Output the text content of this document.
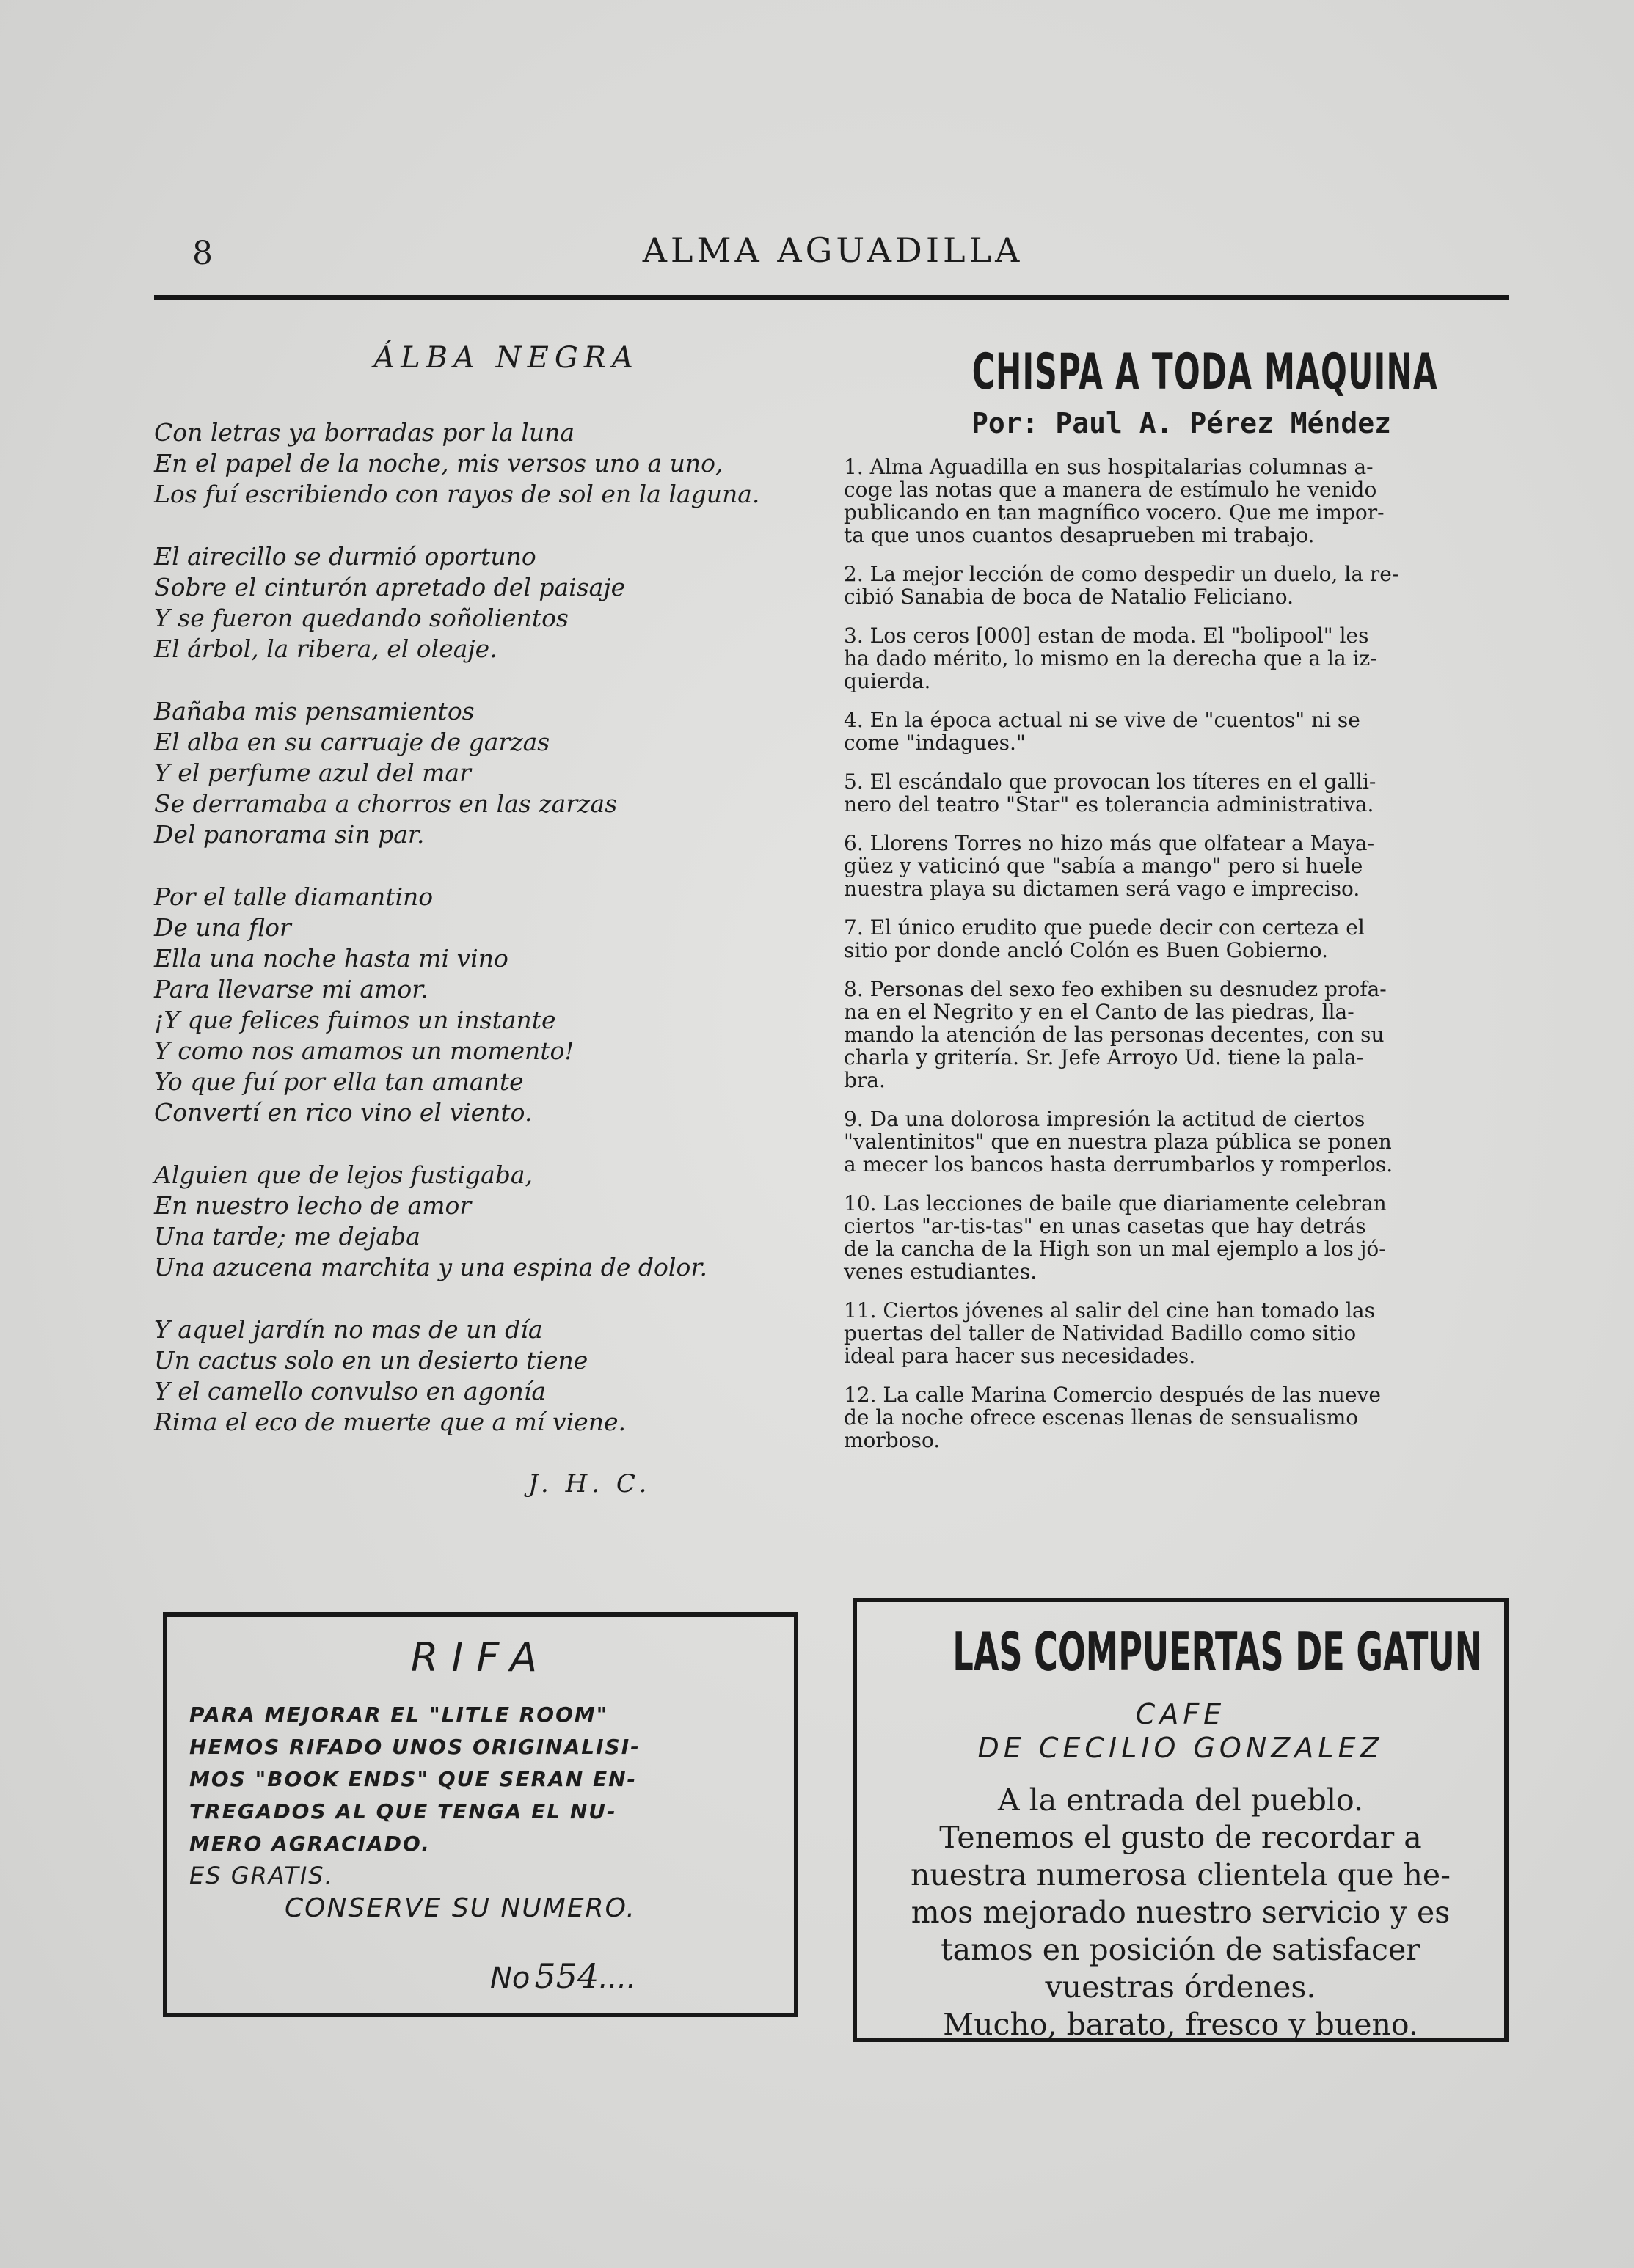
8	ALMA AGUADILLA
ÁLBA NEGRA
Con letras ya borradas por la luna
En el papel de la noche, mis versos uno a uno,
Los fuí escribiendo con rayos de sol en la laguna.
El airecillo se durmió oportuno
Sobre el cinturón apretado del paisaje
Y se fueron quedando soñolientos
El árbol, la ribera, el oleaje.
Bañaba mis pensamientos
El alba en su carruaje de garzas
Y el perfume azul del mar
Se derramaba a chorros en las zarzas
Del panorama sin par.
Por el talle diamantino
De una flor
Ella una noche hasta mi vino
Para llevarse mi amor.
¡Y que felices fuimos un instante
Y como nos amamos un momento!
Yo que fuí por ella tan amante
Convertí en rico vino el viento.
Alguien que de lejos fustigaba,
En nuestro lecho de amor
Una tarde; me dejaba
Una azucena marchita y una espina de dolor.
Y aquel jardín no mas de un día
Un cactus solo en un desierto tiene
Y el camello convulso en agonía
Rima el eco de muerte que a mí viene.
J. H. C.
CHISPA A TODA MAQUINA
Por: Paul A. Pérez Méndez
1. Alma Aguadilla en sus hospitalarias columnas a-
coge las notas que a manera de estímulo he venido
publicando en tan magnífico vocero. Que me impor-
ta que unos cuantos desaprueben mi trabajo.
2. La mejor lección de como despedir un duelo, la re-
cibió Sanabia de boca de Natalio Feliciano.
3. Los ceros [000] estan de moda. El "bolipool" les
ha dado mérito, lo mismo en la derecha que a la iz-
quierda.
4. En la época actual ni se vive de "cuentos" ni se
come "indagues."
5. El escándalo que provocan los títeres en el galli-
nero del teatro "Star" es tolerancia administrativa.
6. Llorens Torres no hizo más que olfatear a Maya-
güez y vaticinó que "sabía a mango" pero si huele
nuestra playa su dictamen será vago e impreciso.
7. El único erudito que puede decir con certeza el
sitio por donde ancló Colón es Buen Gobierno.
8. Personas del sexo feo exhiben su desnudez profa-
na en el Negrito y en el Canto de las piedras, lla-
mando la atención de las personas decentes, con su
charla y gritería. Sr. Jefe Arroyo Ud. tiene la pala-
bra.
9. Da una dolorosa impresión la actitud de ciertos
"valentinitos" que en nuestra plaza pública se ponen
a mecer los bancos hasta derrumbarlos y romperlos.
10. Las lecciones de baile que diariamente celebran
ciertos "ar-tis-tas" en unas casetas que hay detrás
de la cancha de la High son un mal ejemplo a los jó-
venes estudiantes.
11. Ciertos jóvenes al salir del cine han tomado las
puertas del taller de Natividad Badillo como sitio
ideal para hacer sus necesidades.
12. La calle Marina Comercio después de las nueve
de la noche ofrece escenas llenas de sensualismo
morboso.
RIFA
PARA MEJORAR EL "LITLE ROOM"
HEMOS RIFADO UNOS ORIGINALISI-
MOS "BOOK ENDS" QUE SERAN EN-
TREGADOS AL QUE TENGA EL NU-
MERO AGRACIADO.
ES GRATIS.
CONSERVE SU NUMERO.
No 554....
LAS COMPUERTAS DE GATUN
CAFE
DE CECILIO GONZALEZ
A la entrada del pueblo.
Tenemos el gusto de recordar a
nuestra numerosa clientela que he-
mos mejorado nuestro servicio y es
tamos en posición de satisfacer
vuestras órdenes.
Mucho, barato, fresco y bueno.
